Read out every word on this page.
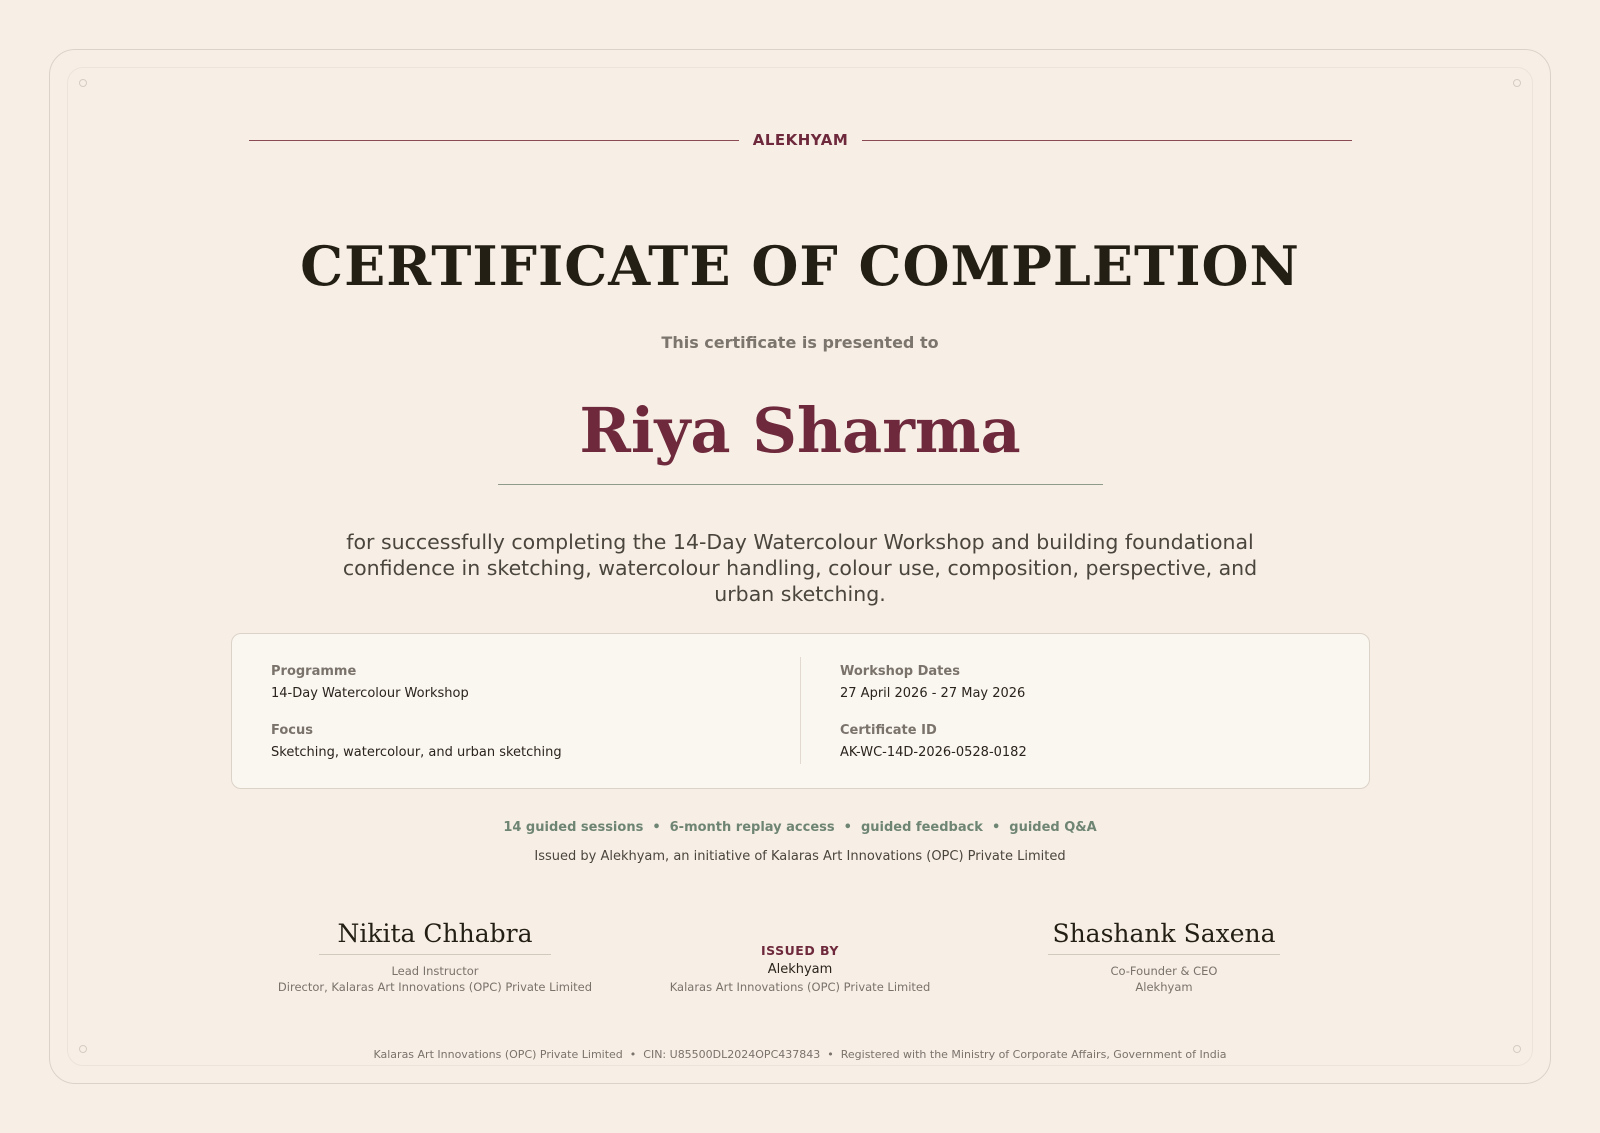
ALEKHYAM
CERTIFICATE OF COMPLETION
This certificate is presented to
Riya Sharma
for successfully completing the 14-Day Watercolour Workshop and building foundational confidence in sketching, watercolour handling, colour use, composition, perspective, and urban sketching.
Programme
14-Day Watercolour Workshop
Focus
Sketching, watercolour, and urban sketching
Workshop Dates
27 April 2026 - 27 May 2026
Certificate ID
AK-WC-14D-2026-0528-0182
14 guided sessions • 6-month replay access • guided feedback • guided Q&A
Issued by Alekhyam, an initiative of Kalaras Art Innovations (OPC) Private Limited
Nikita Chhabra
Lead Instructor
Director, Kalaras Art Innovations (OPC) Private Limited
ISSUED BY
Alekhyam
Kalaras Art Innovations (OPC) Private Limited
Shashank Saxena
Co-Founder & CEO
Alekhyam
Kalaras Art Innovations (OPC) Private Limited • CIN: U85500DL2024OPC437843 • Registered with the Ministry of Corporate Affairs, Government of India
